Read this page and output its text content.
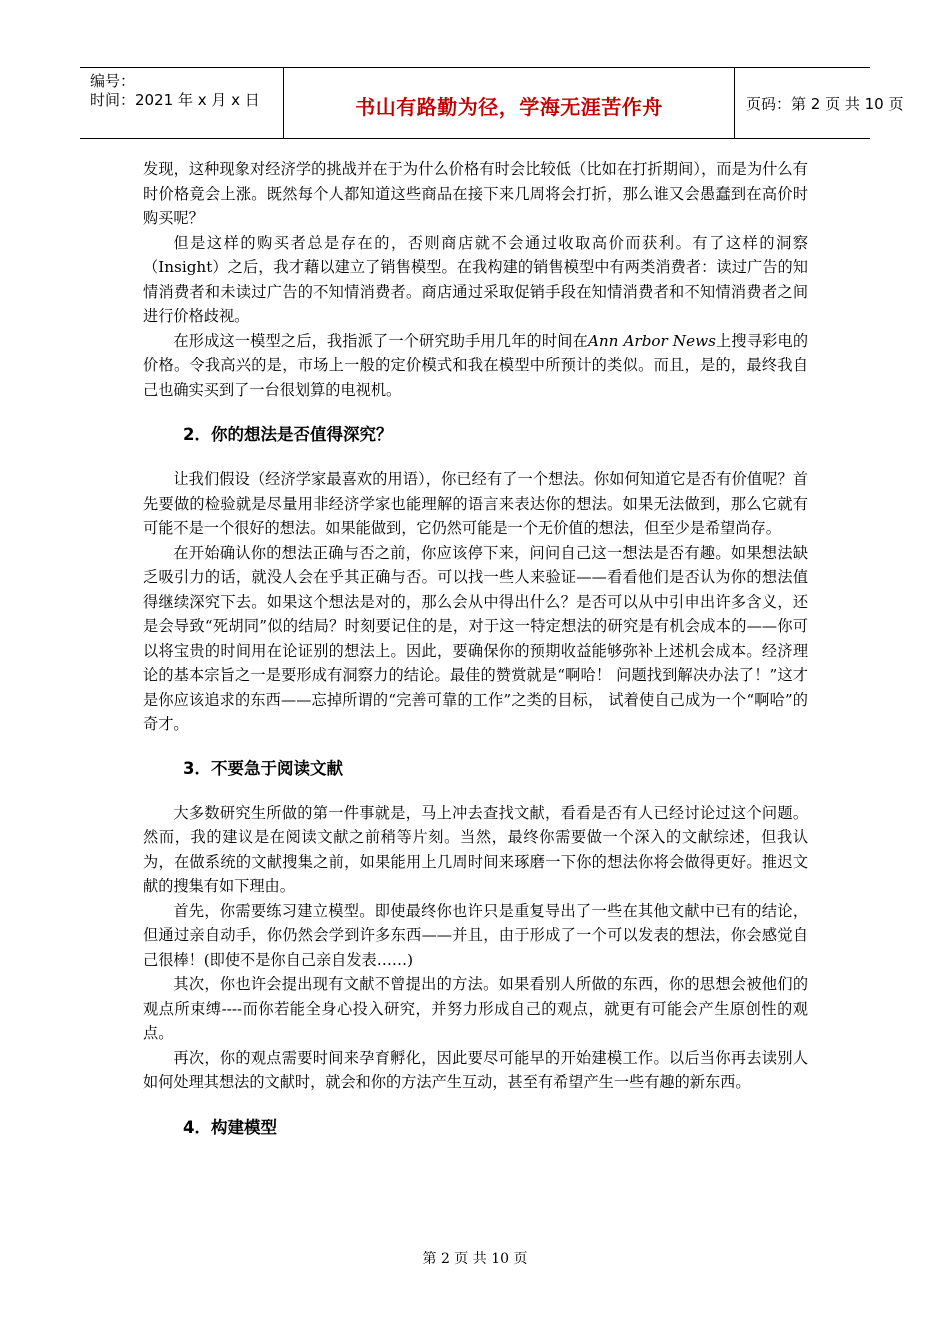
编号：
时间：2021 年 x 月 x 日	书山有路勤为径，学海无涯苦作舟	页码：第 2 页 共 10 页

发现，这种现象对经济学的挑战并在于为什么价格有时会比较低（比如在打折期间），而是为什么有时价格竟会上涨。既然每个人都知道这些商品在接下来几周将会打折，那么谁又会愚蠢到在高价时购买呢？

但是这样的购买者总是存在的，否则商店就不会通过收取高价而获利。有了这样的洞察（Insight）之后，我才藉以建立了销售模型。在我构建的销售模型中有两类消费者：读过广告的知情消费者和未读过广告的不知情消费者。商店通过采取促销手段在知情消费者和不知情消费者之间进行价格歧视。

在形成这一模型之后，我指派了一个研究助手用几年的时间在Ann Arbor News上搜寻彩电的价格。令我高兴的是，市场上一般的定价模式和我在模型中所预计的类似。而且，是的，最终我自己也确实买到了一台很划算的电视机。

2．你的想法是否值得深究？

让我们假设（经济学家最喜欢的用语），你已经有了一个想法。你如何知道它是否有价值呢？首先要做的检验就是尽量用非经济学家也能理解的语言来表达你的想法。如果无法做到，那么它就有可能不是一个很好的想法。如果能做到，它仍然可能是一个无价值的想法，但至少是希望尚存。

在开始确认你的想法正确与否之前，你应该停下来，问问自己这一想法是否有趣。如果想法缺乏吸引力的话，就没人会在乎其正确与否。可以找一些人来验证——看看他们是否认为你的想法值得继续深究下去。如果这个想法是对的，那么会从中得出什么？是否可以从中引申出许多含义，还是会导致“死胡同”似的结局？时刻要记住的是，对于这一特定想法的研究是有机会成本的——你可以将宝贵的时间用在论证别的想法上。因此，要确保你的预期收益能够弥补上述机会成本。经济理论的基本宗旨之一是要形成有洞察力的结论。最佳的赞赏就是“啊哈！ 问题找到解决办法了！”这才是你应该追求的东西——忘掉所谓的“完善可靠的工作”之类的目标， 试着使自己成为一个“啊哈”的奇才。

3．不要急于阅读文献

大多数研究生所做的第一件事就是，马上冲去查找文献，看看是否有人已经讨论过这个问题。然而，我的建议是在阅读文献之前稍等片刻。当然，最终你需要做一个深入的文献综述，但我认为，在做系统的文献搜集之前，如果能用上几周时间来琢磨一下你的想法你将会做得更好。推迟文献的搜集有如下理由。

首先，你需要练习建立模型。即使最终你也许只是重复导出了一些在其他文献中已有的结论，但通过亲自动手，你仍然会学到许多东西——并且，由于形成了一个可以发表的想法，你会感觉自己很棒！(即使不是你自己亲自发表……)

其次，你也许会提出现有文献不曾提出的方法。如果看别人所做的东西，你的思想会被他们的观点所束缚----而你若能全身心投入研究，并努力形成自己的观点，就更有可能会产生原创性的观点。

再次，你的观点需要时间来孕育孵化，因此要尽可能早的开始建模工作。以后当你再去读别人如何处理其想法的文献时，就会和你的方法产生互动，甚至有希望产生一些有趣的新东西。

4．构建模型
第 2 页 共 10 页
